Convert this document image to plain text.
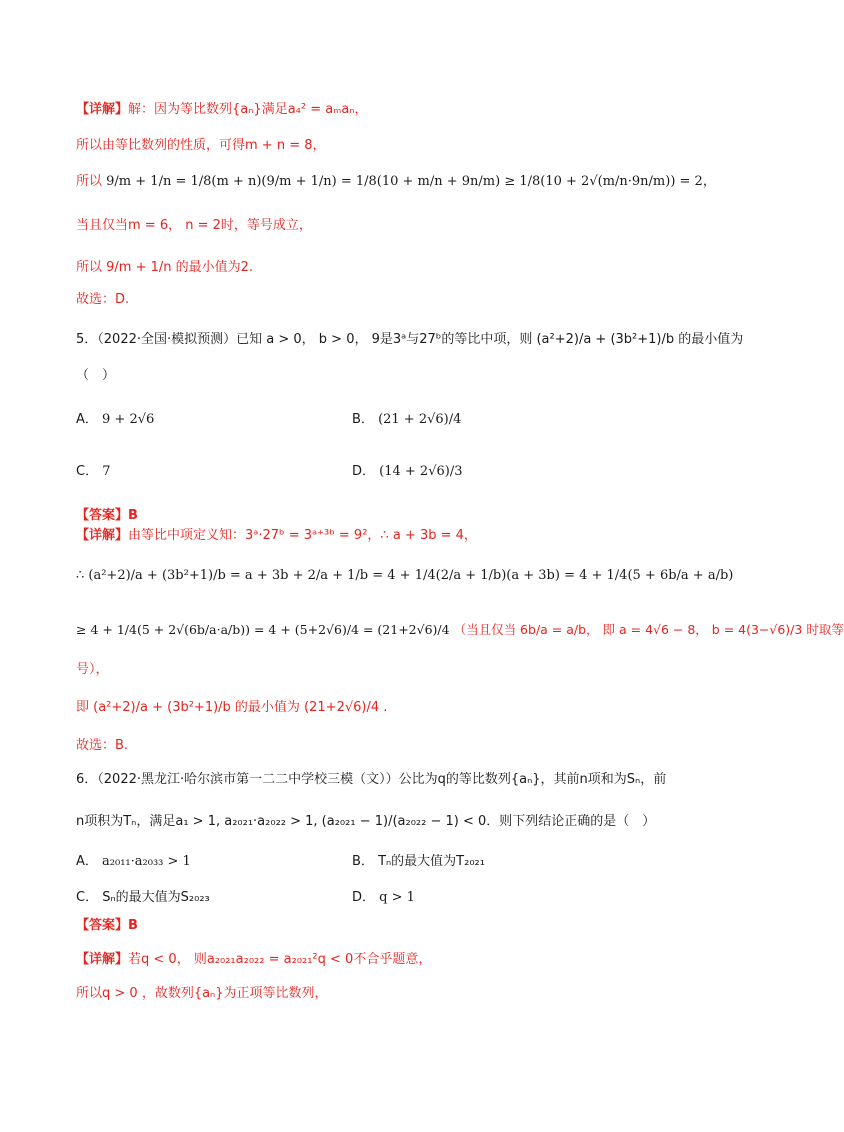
【详解】解：因为等比数列{aₙ}满足a₄² = aₘaₙ，
所以由等比数列的性质，可得m + n = 8，
所以 9/m + 1/n = 1/8(m + n)(9/m + 1/n) = 1/8(10 + m/n + 9n/m) ≥ 1/8(10 + 2√(m/n·9n/m)) = 2，
当且仅当m = 6， n = 2时，等号成立，
所以 9/m + 1/n 的最小值为2.
故选：D.
5．（2022·全国·模拟预测）已知 a > 0， b > 0， 9是3ᵃ与27ᵇ的等比中项，则 (a²+2)/a + (3b²+1)/b 的最小值为
（　）
A． 9 + 2√6	B． (21 + 2√6)/4
C． 7	D． (14 + 2√6)/3
【答案】B
【详解】由等比中项定义知：3ᵃ·27ᵇ = 3ᵃ⁺³ᵇ = 9²，∴ a + 3b = 4，
∴ (a²+2)/a + (3b²+1)/b = a + 3b + 2/a + 1/b = 4 + 1/4(2/a + 1/b)(a + 3b) = 4 + 1/4(5 + 6b/a + a/b)
≥ 4 + 1/4(5 + 2√(6b/a·a/b)) = 4 + (5+2√6)/4 = (21+2√6)/4 （当且仅当 6b/a = a/b， 即 a = 4√6 − 8， b = 4(3−√6)/3 时取等
号），
即 (a²+2)/a + (3b²+1)/b 的最小值为 (21+2√6)/4 .
故选：B.
6．（2022·黑龙江·哈尔滨市第一二二中学校三模（文））公比为q的等比数列{aₙ}，其前n项和为Sₙ，前
n项积为Tₙ，满足a₁ > 1, a₂₀₂₁·a₂₀₂₂ > 1, (a₂₀₂₁ − 1)/(a₂₀₂₂ − 1) < 0．则下列结论正确的是（　）
A． a₂₀₁₁·a₂₀₃₃ > 1	B． Tₙ的最大值为T₂₀₂₁
C． Sₙ的最大值为S₂₀₂₃	D． q > 1
【答案】B
【详解】若q < 0， 则a₂₀₂₁a₂₀₂₂ = a₂₀₂₁²q < 0不合乎题意，
所以q > 0 ，故数列{aₙ}为正项等比数列，
